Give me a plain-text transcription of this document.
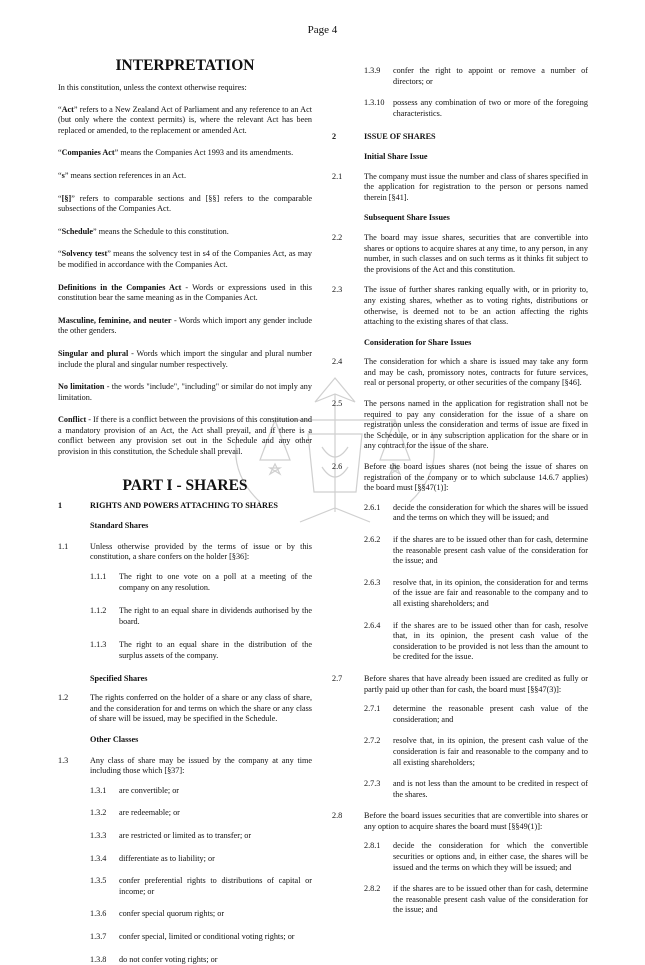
Page 4
INTERPRETATION

In this constitution, unless the context otherwise requires:

“Act” refers to a New Zealand Act of Parliament and any reference to an Act (but only where the context permits) is, where the relevant Act has been replaced or amended, to the replacement or amended Act.

“Companies Act” means the Companies Act 1993 and its amendments.

“s” means section references in an Act.

“[§]” refers to comparable sections and [§§] refers to the comparable subsections of the Companies Act.

“Schedule” means the Schedule to this constitution.

“Solvency test” means the solvency test in s4 of the Companies Act, as may be modified in accordance with the Companies Act.

Definitions in the Companies Act - Words or expressions used in this constitution bear the same meaning as in the Companies Act.

Masculine, feminine, and neuter - Words which import any gender include the other genders.

Singular and plural - Words which import the singular and plural number include the plural and singular number respectively.

No limitation - the words "include", "including" or similar do not imply any limitation.

Conflict - If there is a conflict between the provisions of this constitution and a mandatory provision of an Act, the Act shall prevail, and if there is a conflict between any provision set out in the Schedule and any other provision in this constitution, the Schedule shall prevail.

PART I - SHARES
1	RIGHTS AND POWERS ATTACHING TO SHARES
Standard Shares
1.1	Unless otherwise provided by the terms of issue or by this constitution, a share confers on the holder [§36]:
1.1.1	The right to one vote on a poll at a meeting of the company on any resolution.
1.1.2	The right to an equal share in dividends authorised by the board.
1.1.3	The right to an equal share in the distribution of the surplus assets of the company.
Specified Shares
1.2	The rights conferred on the holder of a share or any class of share, and the consideration for and terms on which the share or any class of share will be issued, may be specified in the Schedule.
Other Classes
1.3	Any class of share may be issued by the company at any time including those which [§37]:
1.3.1	are convertible; or
1.3.2	are redeemable; or
1.3.3	are restricted or limited as to transfer; or
1.3.4	differentiate as to liability; or
1.3.5	confer preferential rights to distributions of capital or income; or
1.3.6	confer special quorum rights; or
1.3.7	confer special, limited or conditional voting rights; or
1.3.8	do not confer voting rights; or
1.3.9	confer the right to appoint or remove a number of directors; or
1.3.10	possess any combination of two or more of the foregoing characteristics.
2	ISSUE OF SHARES
Initial Share Issue
2.1	The company must issue the number and class of shares specified in the application for registration to the person or persons named therein [§41].
Subsequent Share Issues
2.2	The board may issue shares, securities that are convertible into shares or options to acquire shares at any time, to any person, in any number, in such classes and on such terms as it thinks fit subject to the provisions of the Act and this constitution.
2.3	The issue of further shares ranking equally with, or in priority to, any existing shares, whether as to voting rights, distributions or otherwise, is deemed not to be an action affecting the rights attaching to the existing shares of that class.
Consideration for Share Issues
2.4	The consideration for which a share is issued may take any form and may be cash, promissory notes, contracts for future services, real or personal property, or other securities of the company [§46].
2.5	The persons named in the application for registration shall not be required to pay any consideration for the issue of a share on registration unless the consideration and terms of issue are fixed in the Schedule, or in any subscription application for the share or in any contract for the issue of the share.
2.6	Before the board issues shares (not being the issue of shares on registration of the company or to which subclause 14.6.7 applies) the board must [§§47(1)]:
2.6.1	decide the consideration for which the shares will be issued and the terms on which they will be issued; and
2.6.2	if the shares are to be issued other than for cash, determine the reasonable present cash value of the consideration for the issue; and
2.6.3	resolve that, in its opinion, the consideration for and terms of the issue are fair and reasonable to the company and to all existing shareholders; and
2.6.4	if the shares are to be issued other than for cash, resolve that, in its opinion, the present cash value of the consideration to be provided is not less than the amount to be credited for the issue.
2.7	Before shares that have already been issued are credited as fully or partly paid up other than for cash, the board must [§§47(3)]:
2.7.1	determine the reasonable present cash value of the consideration; and
2.7.2	resolve that, in its opinion, the present cash value of the consideration is fair and reasonable to the company and to all existing shareholders;
2.7.3	and is not less than the amount to be credited in respect of the shares.
2.8	Before the board issues securities that are convertible into shares or any option to acquire shares the board must [§§49(1)]:
2.8.1	decide the consideration for which the convertible securities or options and, in either case, the shares will be issued and the terms on which they will be issued; and
2.8.2	if the shares are to be issued other than for cash, determine the reasonable present cash value of the consideration for the issue; and
